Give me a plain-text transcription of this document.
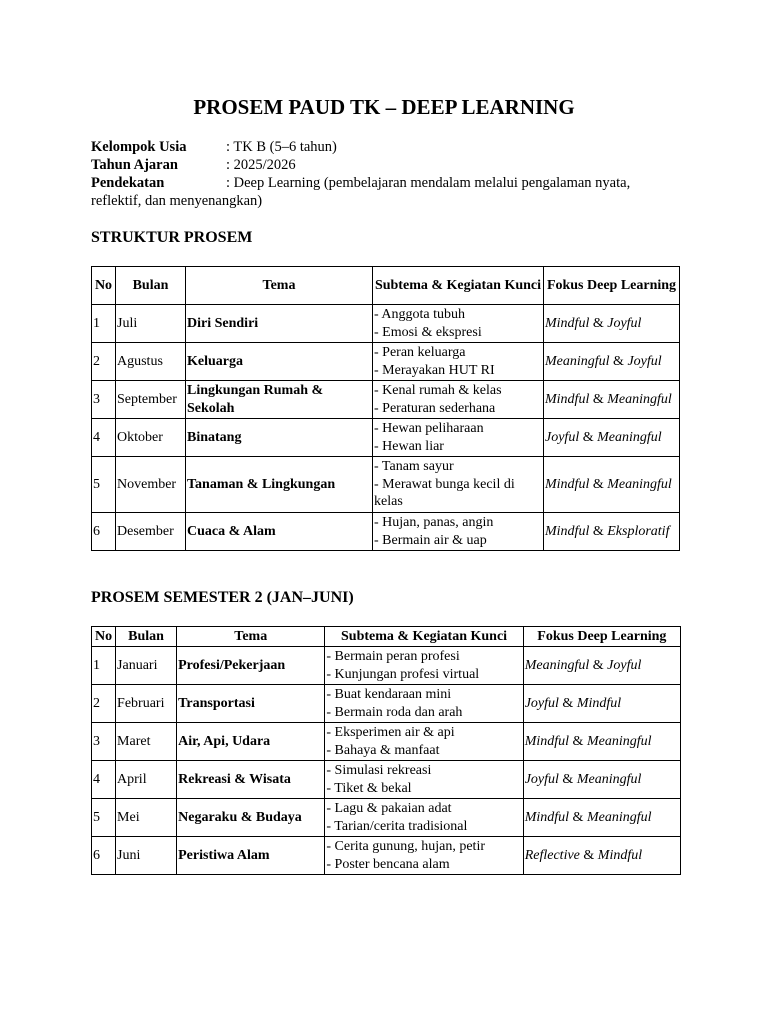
PROSEM PAUD TK – DEEP LEARNING
Kelompok Usia	: TK B (5–6 tahun)
Tahun Ajaran	: 2025/2026
Pendekatan	: Deep Learning (pembelajaran mendalam melalui pengalaman nyata,
reflektif, dan menyenangkan)
STRUKTUR PROSEM
No	Bulan	Tema	Subtema & Kegiatan Kunci	Fokus Deep Learning
1	Juli	Diri Sendiri	- Anggota tubuh
- Emosi & ekspresi	Mindful & Joyful
2	Agustus	Keluarga	- Peran keluarga
- Merayakan HUT RI	Meaningful & Joyful
3	September	Lingkungan Rumah & Sekolah	- Kenal rumah & kelas
- Peraturan sederhana	Mindful & Meaningful
4	Oktober	Binatang	- Hewan peliharaan
- Hewan liar	Joyful & Meaningful
5	November	Tanaman & Lingkungan	- Tanam sayur
- Merawat bunga kecil di kelas	Mindful & Meaningful
6	Desember	Cuaca & Alam	- Hujan, panas, angin
- Bermain air & uap	Mindful & Eksploratif
PROSEM SEMESTER 2 (JAN–JUNI)
No	Bulan	Tema	Subtema & Kegiatan Kunci	Fokus Deep Learning
1	Januari	Profesi/Pekerjaan	- Bermain peran profesi
- Kunjungan profesi virtual	Meaningful & Joyful
2	Februari	Transportasi	- Buat kendaraan mini
- Bermain roda dan arah	Joyful & Mindful
3	Maret	Air, Api, Udara	- Eksperimen air & api
- Bahaya & manfaat	Mindful & Meaningful
4	April	Rekreasi & Wisata	- Simulasi rekreasi
- Tiket & bekal	Joyful & Meaningful
5	Mei	Negaraku & Budaya	- Lagu & pakaian adat
- Tarian/cerita tradisional	Mindful & Meaningful
6	Juni	Peristiwa Alam	- Cerita gunung, hujan, petir
- Poster bencana alam	Reflective & Mindful
